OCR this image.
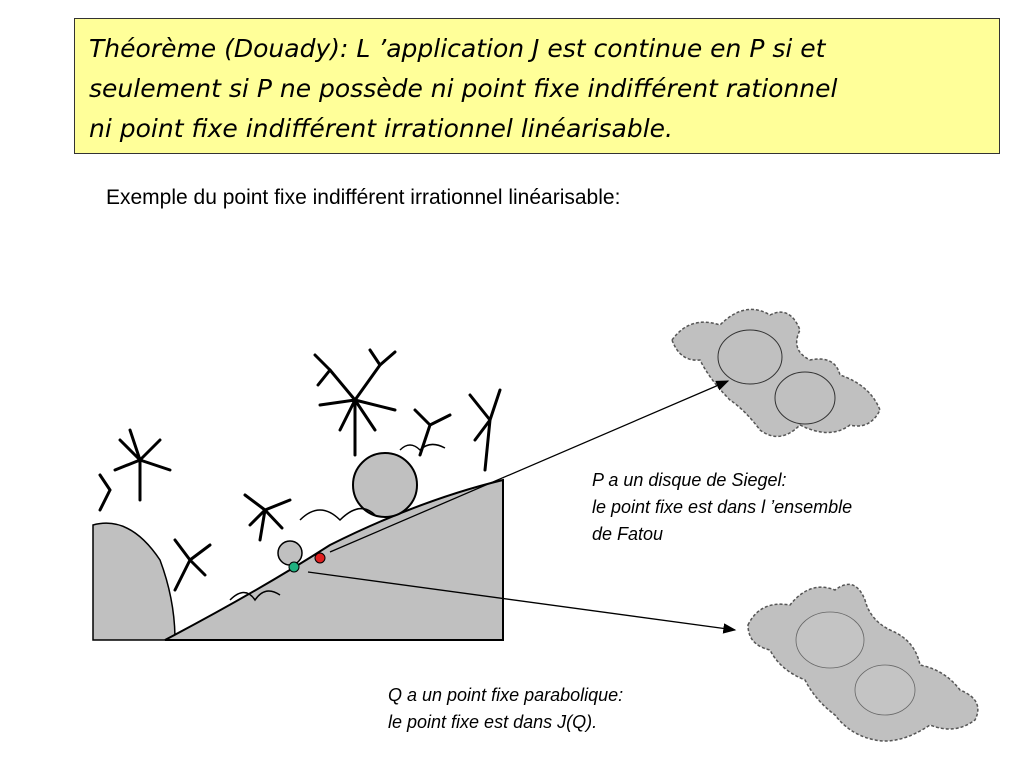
Théorème (Douady): L ’application J est continue en P si et
seulement si P ne possède ni point fixe indifférent rationnel
ni point fixe indifférent irrationnel linéarisable.
Exemple du point fixe indifférent irrationnel linéarisable:
P a un disque de Siegel:
le point fixe est dans l ’ensemble
de Fatou
Q a un point fixe parabolique:
le point fixe est dans J(Q).
